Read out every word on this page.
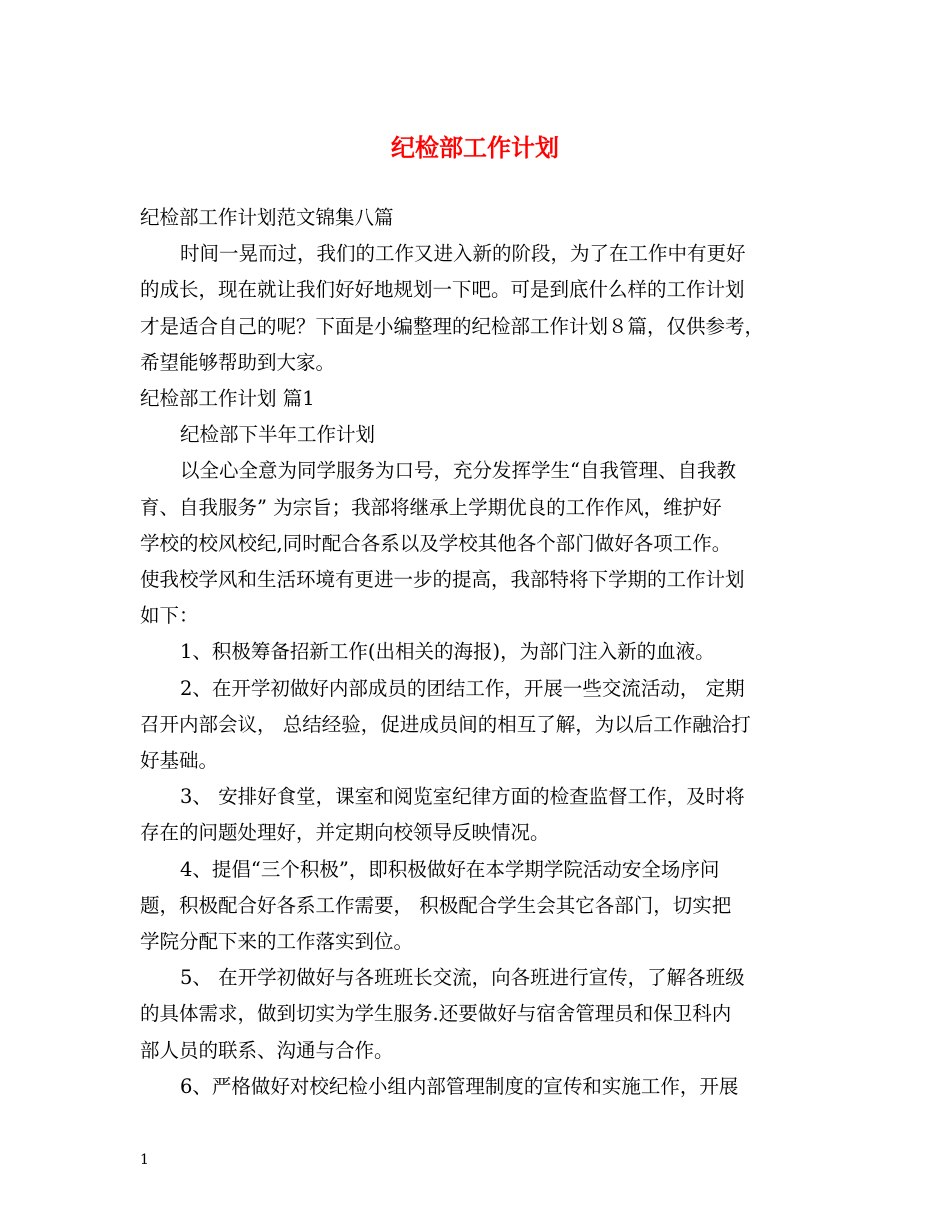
纪检部工作计划
纪检部工作计划范文锦集八篇
时间一晃而过，我们的工作又进入新的阶段，为了在工作中有更好
的成长，现在就让我们好好地规划一下吧。可是到底什么样的工作计划
才是适合自己的呢？下面是小编整理的纪检部工作计划８篇，仅供参考，
希望能够帮助到大家。
纪检部工作计划 篇1
纪检部下半年工作计划
以全心全意为同学服务为口号，充分发挥学生“自我管理、自我教
育、自我服务” 为宗旨；我部将继承上学期优良的工作作风，维护好
学校的校风校纪,同时配合各系以及学校其他各个部门做好各项工作。
使我校学风和生活环境有更进一步的提高，我部特将下学期的工作计划
如下：
1、积极筹备招新工作(出相关的海报)，为部门注入新的血液。
2、在开学初做好内部成员的团结工作，开展一些交流活动， 定期
召开内部会议， 总结经验，促进成员间的相互了解，为以后工作融洽打
好基础。
3、 安排好食堂，课室和阅览室纪律方面的检查监督工作，及时将
存在的问题处理好，并定期向校领导反映情况。
4、提倡“三个积极”，即积极做好在本学期学院活动安全场序问
题，积极配合好各系工作需要， 积极配合学生会其它各部门，切实把
学院分配下来的工作落实到位。
5、 在开学初做好与各班班长交流，向各班进行宣传，了解各班级
的具体需求，做到切实为学生服务.还要做好与宿舍管理员和保卫科内
部人员的联系、沟通与合作。
6、严格做好对校纪检小组内部管理制度的宣传和实施工作，开展
1
